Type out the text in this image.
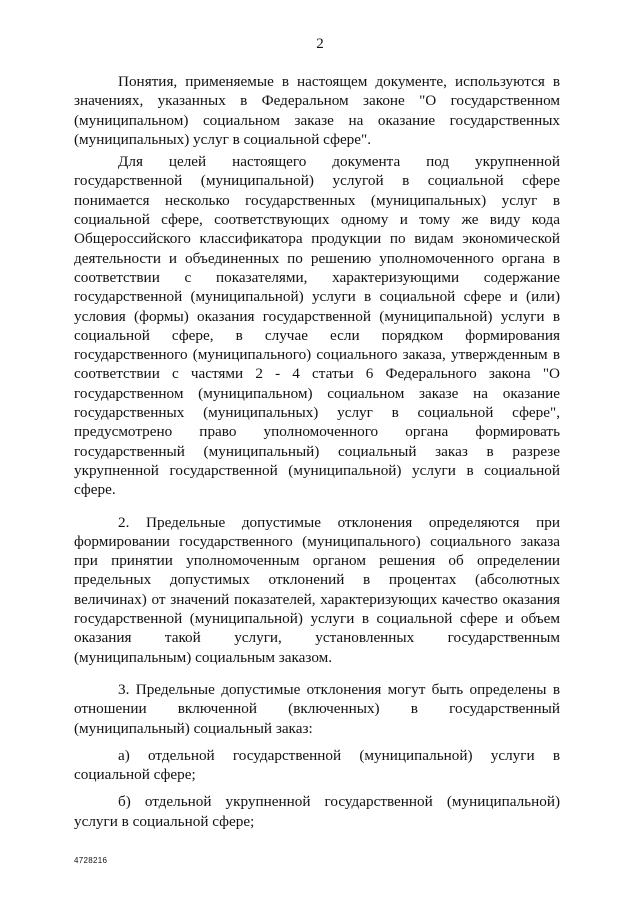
2

Понятия, применяемые в настоящем документе, используются в значениях, указанных в Федеральном законе "О государственном (муниципальном) социальном заказе на оказание государственных (муниципальных) услуг в социальной сфере".

Для целей настоящего документа под укрупненной государственной (муниципальной) услугой в социальной сфере понимается несколько государственных (муниципальных) услуг в социальной сфере, соответствующих одному и тому же виду кода Общероссийского классификатора продукции по видам экономической деятельности и объединенных по решению уполномоченного органа в соответствии с показателями, характеризующими содержание государственной (муниципальной) услуги в социальной сфере и (или) условия (формы) оказания государственной (муниципальной) услуги в социальной сфере, в случае если порядком формирования государственного (муниципального) социального заказа, утвержденным в соответствии с частями 2 - 4 статьи 6 Федерального закона "О государственном (муниципальном) социальном заказе на оказание государственных (муниципальных) услуг в социальной сфере", предусмотрено право уполномоченного органа формировать государственный (муниципальный) социальный заказ в разрезе укрупненной государственной (муниципальной) услуги в социальной сфере.

2. Предельные допустимые отклонения определяются при формировании государственного (муниципального) социального заказа при принятии уполномоченным органом решения об определении предельных допустимых отклонений в процентах (абсолютных величинах) от значений показателей, характеризующих качество оказания государственной (муниципальной) услуги в социальной сфере и объем оказания такой услуги, установленных государственным (муниципальным) социальным заказом.

3. Предельные допустимые отклонения могут быть определены в отношении включенной (включенных) в государственный (муниципальный) социальный заказ:

а) отдельной государственной (муниципальной) услуги в социальной сфере;

б) отдельной укрупненной государственной (муниципальной) услуги в социальной сфере;

4728216
